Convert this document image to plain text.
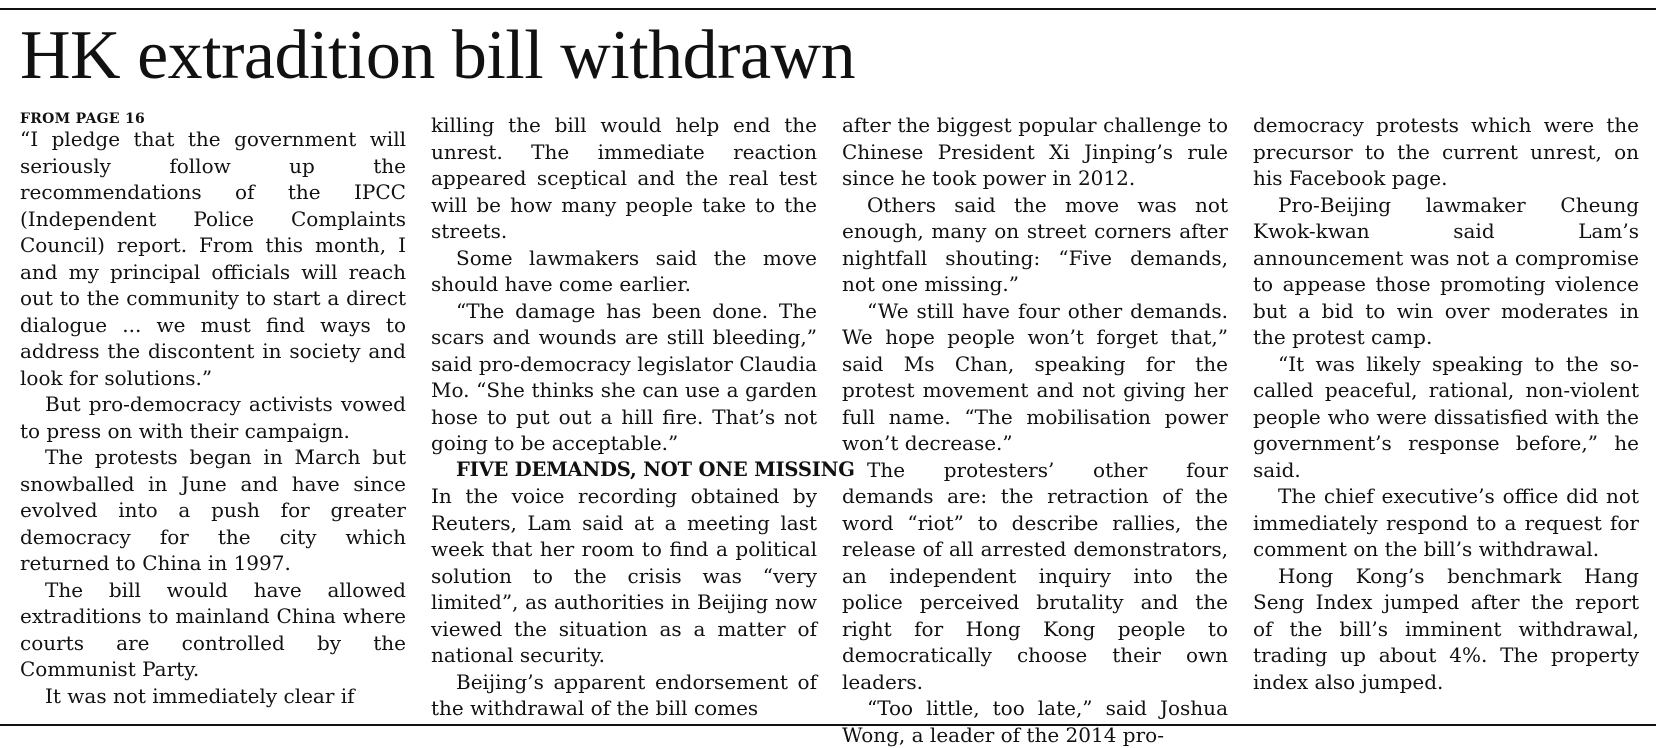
HK extradition bill withdrawn
FROM PAGE 16

“I pledge that the government will seriously follow up the recommendations of the IPCC (Independent Police Complaints Council) report. From this month, I and my principal officials will reach out to the community to start a direct dialogue ... we must find ways to address the discontent in society and look for solutions.”

But pro-democracy activists vowed to press on with their campaign.

The protests began in March but snowballed in June and have since evolved into a push for greater democracy for the city which returned to China in 1997.

The bill would have allowed extraditions to mainland China where courts are controlled by the Communist Party.

It was not immediately clear if

killing the bill would help end the unrest. The immediate reaction appeared sceptical and the real test will be how many people take to the streets.

Some lawmakers said the move should have come earlier.

“The damage has been done. The scars and wounds are still bleeding,” said pro-democracy legislator Claudia Mo. “She thinks she can use a garden hose to put out a hill fire. That’s not going to be acceptable.”

FIVE DEMANDS, NOT ONE MISSING

In the voice recording obtained by Reuters, Lam said at a meeting last week that her room to find a political solution to the crisis was “very limited”, as authorities in Beijing now viewed the situation as a matter of national security.

Beijing’s apparent endorsement of the withdrawal of the bill comes

after the biggest popular challenge to Chinese President Xi Jinping’s rule since he took power in 2012.

Others said the move was not enough, many on street corners after nightfall shouting: “Five demands, not one missing.”

“We still have four other demands. We hope people won’t forget that,” said Ms Chan, speaking for the protest movement and not giving her full name. “The mobilisation power won’t decrease.”

The protesters’ other four demands are: the retraction of the word “riot” to describe rallies, the release of all arrested demonstrators, an independent inquiry into the police perceived brutality and the right for Hong Kong people to democratically choose their own leaders.

“Too little, too late,” said Joshua Wong, a leader of the 2014 pro-

democracy protests which were the precursor to the current unrest, on his Facebook page.

Pro-Beijing lawmaker Cheung Kwok-kwan said Lam’s announcement was not a compromise to appease those promoting violence but a bid to win over moderates in the protest camp.

“It was likely speaking to the so-called peaceful, rational, non-violent people who were dissatisfied with the government’s response before,” he said.

The chief executive’s office did not immediately respond to a request for comment on the bill’s withdrawal.

Hong Kong’s benchmark Hang Seng Index jumped after the report of the bill’s imminent withdrawal, trading up about 4%. The property index also jumped.
